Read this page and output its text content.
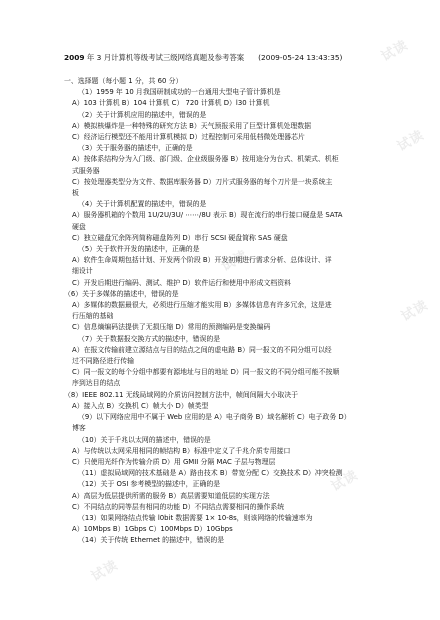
试读
试读
试读
试读
试读
试读
2009 年 3 月计算机等级考试三级网络真题及参考答案 (2009-05-24 13:43:35)
一、选择题（每小题 1 分，共 60 分）
（1）1959 年 10 月我国研制成功的一台通用大型电子管计算机是
A）103 计算机 B）104 计算机 C） 720 计算机 D）l30 计算机
（2）关于计算机应用的描述中，错误的是
A）模拟核爆炸是一种特殊的研究方法 B）天气预报采用了巨型计算机处理数据
C）经济运行模型还不能用计算机模拟 D）过程控制可采用低档微处理器芯片
（3）关于服务器的描述中，正确的是
A）按体系结构分为入门级、部门级、企业级服务器 B）按用途分为台式、机架式、机柜
式服务器
C）按处理器类型分为文件、数据库服务器 D）刀片式服务器的每个刀片是一块系统主
板
（4）关于计算机配置的描述中，错误的是
A）服务器机箱的个数用 1U/2U/3U/ ⋯⋯/8U 表示 B）现在流行的串行接口硬盘是 SATA
硬盘
C）独立磁盘冗余阵列简称磁盘阵列 D）串行 SCSI 硬盘简称 SAS 硬盘
（5）关于软件开发的描述中，正确的是
A）软件生命周期包括计划、开发两个阶段 B）开发初期进行需求分析、总体设计、详
细设计
C）开发后期进行编码、测试、维护 D）软件运行和使用中形成文档资料
（6）关于多媒体的描述中，错误的是
A）多媒体的数据最很大，必须进行压缩才能实用 B）多媒体信息有许多冗余，这是进
行压缩的基础
C）信息熵编码法提供了无损压缩 D）常用的预测编码是变换编码
（7）关于数据报交换方式的描述中，错误的是
A）在报文传输前建立源结点与目的结点之间的虚电路 B）同一报文的不同分组可以经
过不同路径进行传输
C）同一报文的每个分组中都要有源地址与目的地址 D）同一报文的不同分组可能不按顺
序到达目的结点
（8）IEEE 802.11 无线局域网的介质访问控制方法中，帧间间隔大小取决于
A）接入点 B）交换机 C）帧大小 D）帧类型
（9）以下网络应用中不属于 Web 应用的是 A）电子商务 B）域名解析 C）电子政务 D）
博客
（10）关于千兆以太网的描述中，错误的是
A）与传统以太网采用相同的帧结构 B）标准中定义了千兆介质专用接口
C）只使用光纤作为传输介质 D）用 GMII 分隔 MAC 子层与物理层
（11）虚拟局域网的技术基础是 A）路由技术 B）带宽分配 C）交换技术 D）冲突检测
（12）关于 OSI 参考模型的描述中，正确的是
A）高层为低层提供所需的服务 B）高层需要知道低层的实现方法
C）不同结点的同等层有相同的功能 D）不同结点需要相同的操作系统
（13）如果网络结点传输 l0bit 数据需要 1× 10-8s，则该网络的传输速率为
A）10Mbps B）1Gbps C）100Mbps D）10Gbps
（14）关于传统 Ethernet 的描述中，错误的是
